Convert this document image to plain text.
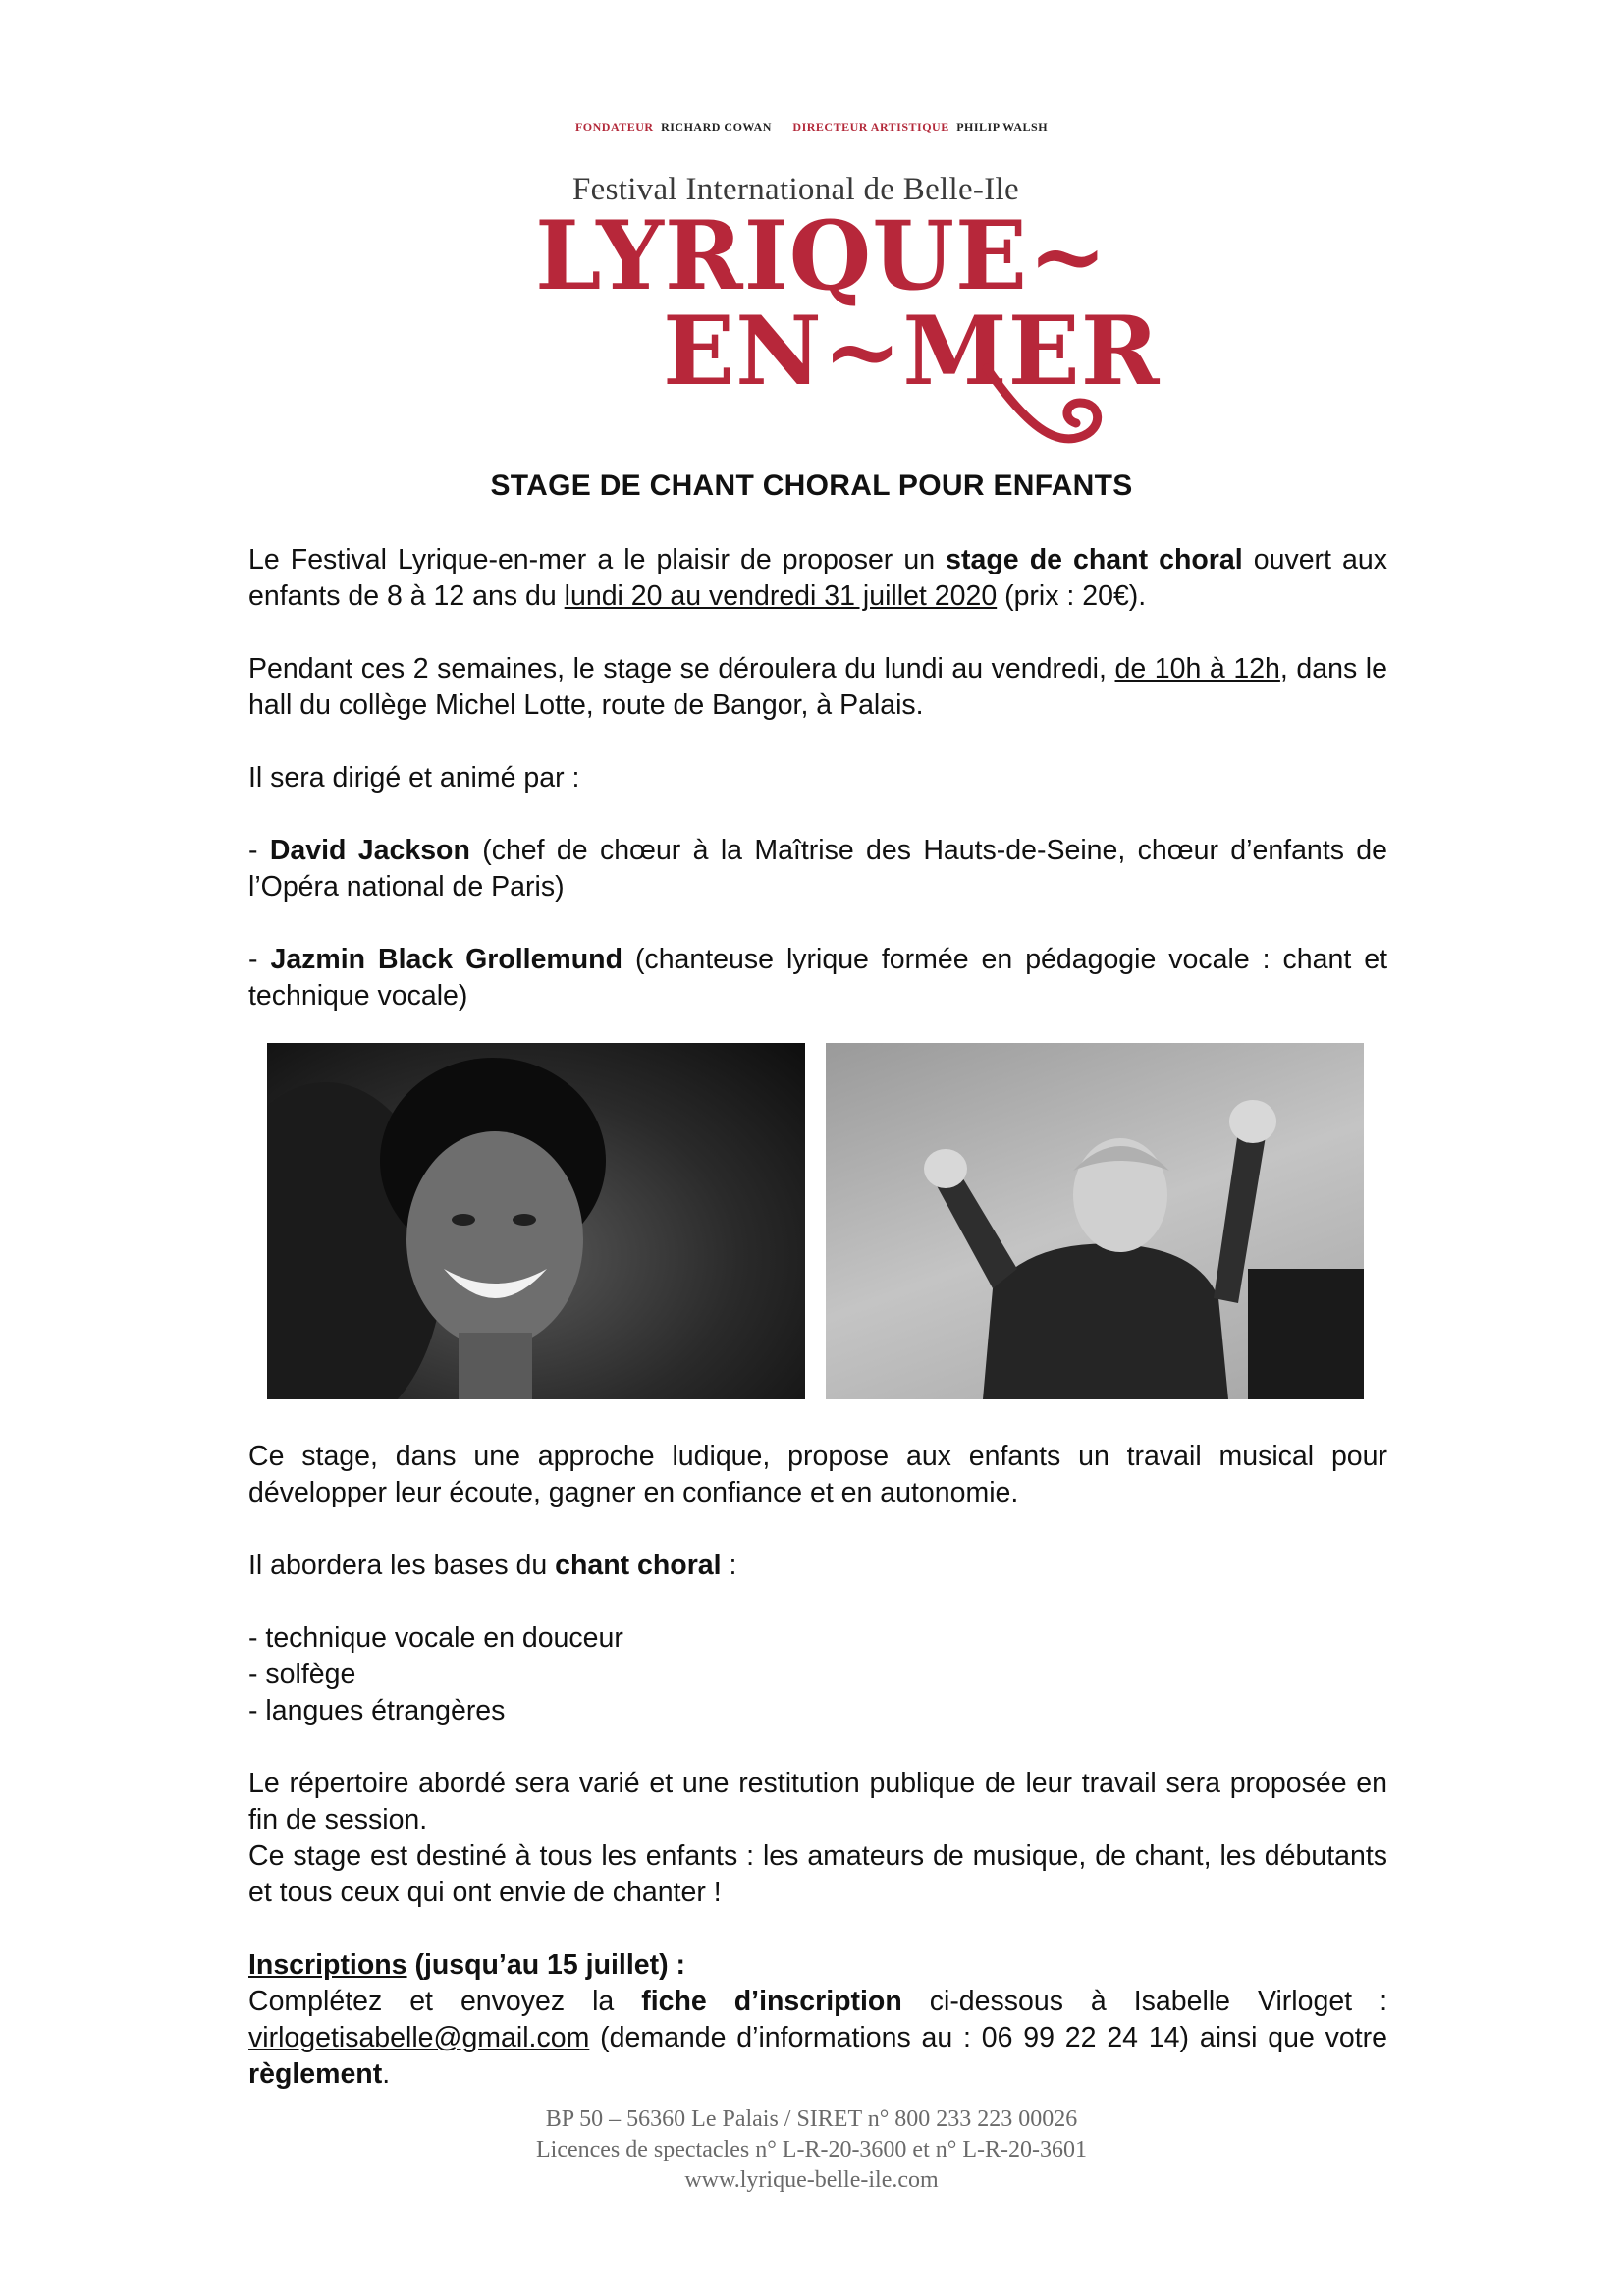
FONDATEUR RICHARD COWAN DIRECTEUR ARTISTIQUE PHILIP WALSH
Festival International de Belle-Ile
LYRIQUE~
EN~MER
STAGE DE CHANT CHORAL POUR ENFANTS
Le Festival Lyrique-en-mer a le plaisir de proposer un stage de chant choral ouvert aux enfants de 8 à 12 ans du lundi 20 au vendredi 31 juillet 2020 (prix : 20€).
Pendant ces 2 semaines, le stage se déroulera du lundi au vendredi, de 10h à 12h, dans le hall du collège Michel Lotte, route de Bangor, à Palais.
Il sera dirigé et animé par :
- David Jackson (chef de chœur à la Maîtrise des Hauts-de-Seine, chœur d’enfants de l’Opéra national de Paris)
- Jazmin Black Grollemund (chanteuse lyrique formée en pédagogie vocale : chant et technique vocale)
Ce stage, dans une approche ludique, propose aux enfants un travail musical pour développer leur écoute, gagner en confiance et en autonomie.
Il abordera les bases du chant choral :
- technique vocale en douceur
- solfège
- langues étrangères
Le répertoire abordé sera varié et une restitution publique de leur travail sera proposée en fin de session.
Ce stage est destiné à tous les enfants : les amateurs de musique, de chant, les débutants et tous ceux qui ont envie de chanter !
Inscriptions (jusqu’au 15 juillet) :
Complétez et envoyez la fiche d’inscription ci-dessous à Isabelle Virloget : virlogetisabelle@gmail.com (demande d’informations au : 06 99 22 24 14) ainsi que votre règlement.
BP 50 – 56360 Le Palais / SIRET n° 800 233 223 00026
Licences de spectacles n° L-R-20-3600 et n° L-R-20-3601
www.lyrique-belle-ile.com
